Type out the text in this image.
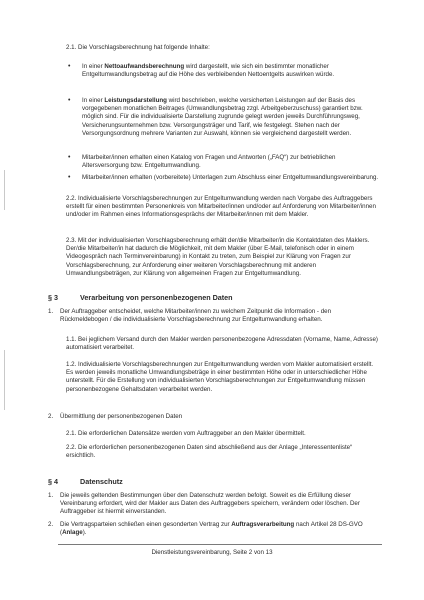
2.1. Die Vorschlagsberechnung hat folgende Inhalte:
• In einer Nettoaufwandsberechnung wird dargestellt, wie sich ein bestimmter monatlicher Entgeltumwandlungsbetrag auf die Höhe des verbleibenden Nettoentgelts auswirken würde.
• In einer Leistungsdarstellung wird beschrieben, welche versicherten Leistungen auf der Basis des vorgegebenen monatlichen Beitrages (Umwandlungsbetrag zzgl. Arbeitgeberzuschuss) garantiert bzw. möglich sind. Für die individualisierte Darstellung zugrunde gelegt werden jeweils Durchführungsweg, Versicherungsunternehmen bzw. Versorgungsträger und Tarif, wie festgelegt. Stehen nach der Versorgungsordnung mehrere Varianten zur Auswahl, können sie vergleichend dargestellt werden.
• Mitarbeiter/innen erhalten einen Katalog von Fragen und Antworten („FAQ“) zur betrieblichen Altersversorgung bzw. Entgeltumwandlung.
• Mitarbeiter/innen erhalten (vorbereitete) Unterlagen zum Abschluss einer Entgeltumwandlungsvereinbarung.
2.2. Individualisierte Vorschlagsberechnungen zur Entgeltumwandlung werden nach Vorgabe des Auftraggebers erstellt für einen bestimmten Personenkreis von Mitarbeiter/innen und/oder auf Anforderung von Mitarbeiter/innen und/oder im Rahmen eines Informationsgesprächs der Mitarbeiter/innen mit dem Makler.
2.3. Mit der individualisierten Vorschlagsberechnung erhält der/die Mitarbeiter/in die Kontaktdaten des Maklers. Der/die Mitarbeiter/in hat dadurch die Möglichkeit, mit dem Makler (über E-Mail, telefonisch oder in einem Videogespräch nach Terminvereinbarung) in Kontakt zu treten, zum Beispiel zur Klärung von Fragen zur Vorschlagsberechnung, zur Anforderung einer weiteren Vorschlagsberechnung mit anderen Umwandlungsbeträgen, zur Klärung von allgemeinen Fragen zur Entgeltumwandlung.
§ 3	Verarbeitung von personenbezogenen Daten
1. Der Auftraggeber entscheidet, welche Mitarbeiter/innen zu welchem Zeitpunkt die Information - den Rückmeldebogen / die individualisierte Vorschlagsberechnung zur Entgeltumwandlung erhalten.
1.1. Bei jeglichem Versand durch den Makler werden personenbezogene Adressdaten (Vorname, Name, Adresse) automatisiert verarbeitet.
1.2. Individualisierte Vorschlagsberechnungen zur Entgeltumwandlung werden vom Makler automatisiert erstellt. Es werden jeweils monatliche Umwandlungsbeträge in einer bestimmten Höhe oder in unterschiedlicher Höhe unterstellt. Für die Erstellung von individualisierten Vorschlagsberechnungen zur Entgeltumwandlung müssen personenbezogene Gehaltsdaten verarbeitet werden.
2. Übermittlung der personenbezogenen Daten
2.1. Die erforderlichen Datensätze werden vom Auftraggeber an den Makler übermittelt.
2.2. Die erforderlichen personenbezogenen Daten sind abschließend aus der Anlage „Interessentenliste“ ersichtlich.
§ 4	Datenschutz
1. Die jeweils geltenden Bestimmungen über den Datenschutz werden befolgt. Soweit es die Erfüllung dieser Vereinbarung erfordert, wird der Makler aus Daten des Auftraggebers speichern, verändern oder löschen. Der Auftraggeber ist hiermit einverstanden.
2. Die Vertragsparteien schließen einen gesonderten Vertrag zur Auftragsverarbeitung nach Artikel 28 DS-GVO (Anlage).
Dienstleistungsvereinbarung, Seite 2 von 13
